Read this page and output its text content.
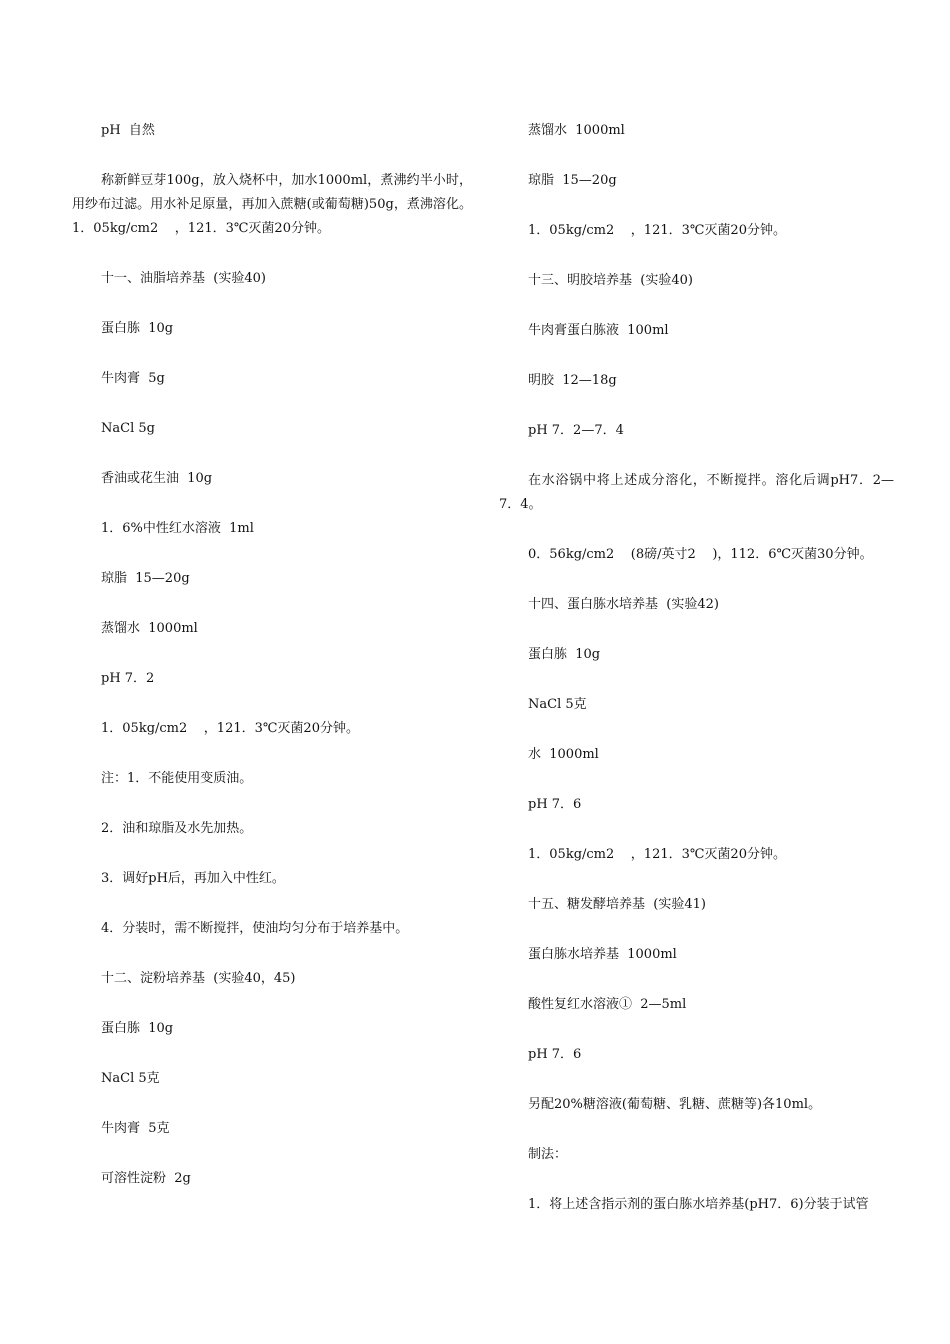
pH  自然

称新鲜豆芽100g，放入烧杯中，加水1000ml，煮沸约半小时，用纱布过滤。用水补足原量，再加入蔗糖(或葡萄糖)50g，煮沸溶化。1．05kg/cm2    ，121．3℃灭菌20分钟。

十一、油脂培养基  (实验40)

蛋白胨  10g

牛肉膏  5g

NaCl 5g

香油或花生油  10g

1．6%中性红水溶液  1ml

琼脂  15—20g

蒸馏水  1000ml

pH 7．2

1．05kg/cm2    ，121．3℃灭菌20分钟。

注：1．不能使用变质油。

2．油和琼脂及水先加热。

3．调好pH后，再加入中性红。

4．分装时，需不断搅拌，使油均匀分布于培养基中。

十二、淀粉培养基  (实验40，45)

蛋白胨  10g

NaCl 5克

牛肉膏  5克

可溶性淀粉  2g

蒸馏水  1000ml

琼脂  15—20g

1．05kg/cm2    ，121．3℃灭菌20分钟。

十三、明胶培养基  (实验40)

牛肉膏蛋白胨液  100ml

明胶  12—18g

pH 7．2—7．4

在水浴锅中将上述成分溶化，不断搅拌。溶化后调pH7．2—7．4。

0．56kg/cm2    (8磅/英寸2    )，112．6℃灭菌30分钟。

十四、蛋白胨水培养基  (实验42)

蛋白胨  10g

NaCl 5克

水  1000ml

pH 7．6

1．05kg/cm2    ，121．3℃灭菌20分钟。

十五、糖发酵培养基  (实验41)

蛋白胨水培养基  1000ml

酸性复红水溶液①  2—5ml

pH 7．6

另配20%糖溶液(葡萄糖、乳糖、蔗糖等)各10ml。

制法：

1．将上述含指示剂的蛋白胨水培养基(pH7．6)分装于试管
